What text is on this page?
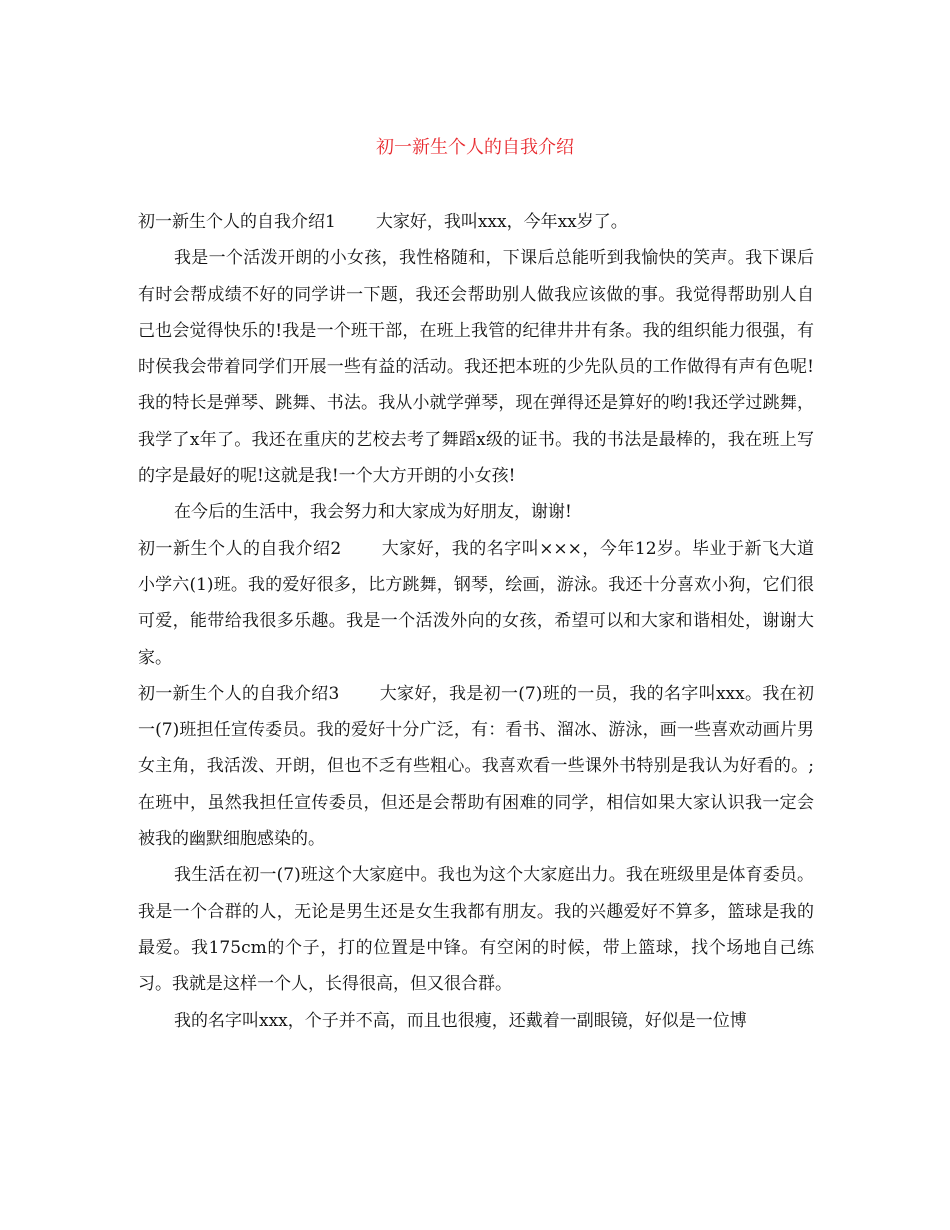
初一新生个人的自我介绍

初一新生个人的自我介绍1 大家好，我叫xxx，今年xx岁了。

我是一个活泼开朗的小女孩，我性格随和，下课后总能听到我愉快的笑声。我下课后有时会帮成绩不好的同学讲一下题，我还会帮助别人做我应该做的事。我觉得帮助别人自己也会觉得快乐的!我是一个班干部，在班上我管的纪律井井有条。我的组织能力很强，有时侯我会带着同学们开展一些有益的活动。我还把本班的少先队员的工作做得有声有色呢!我的特长是弹琴、跳舞、书法。我从小就学弹琴，现在弹得还是算好的哟!我还学过跳舞，我学了x年了。我还在重庆的艺校去考了舞蹈x级的证书。我的书法是最棒的，我在班上写的字是最好的呢!这就是我!一个大方开朗的小女孩!

在今后的生活中，我会努力和大家成为好朋友，谢谢!

初一新生个人的自我介绍2 大家好，我的名字叫×××，今年12岁。毕业于新飞大道小学六(1)班。我的爱好很多，比方跳舞，钢琴，绘画，游泳。我还十分喜欢小狗，它们很可爱，能带给我很多乐趣。我是一个活泼外向的女孩，希望可以和大家和谐相处，谢谢大家。

初一新生个人的自我介绍3 大家好，我是初一(7)班的一员，我的名字叫xxx。我在初一(7)班担任宣传委员。我的爱好十分广泛，有：看书、溜冰、游泳，画一些喜欢动画片男女主角，我活泼、开朗，但也不乏有些粗心。我喜欢看一些课外书特别是我认为好看的。;在班中，虽然我担任宣传委员，但还是会帮助有困难的同学，相信如果大家认识我一定会被我的幽默细胞感染的。

我生活在初一(7)班这个大家庭中。我也为这个大家庭出力。我在班级里是体育委员。我是一个合群的人，无论是男生还是女生我都有朋友。我的兴趣爱好不算多，篮球是我的最爱。我175cm的个子，打的位置是中锋。有空闲的时候，带上篮球，找个场地自己练习。我就是这样一个人，长得很高，但又很合群。

我的名字叫xxx，个子并不高，而且也很瘦，还戴着一副眼镜，好似是一位博
